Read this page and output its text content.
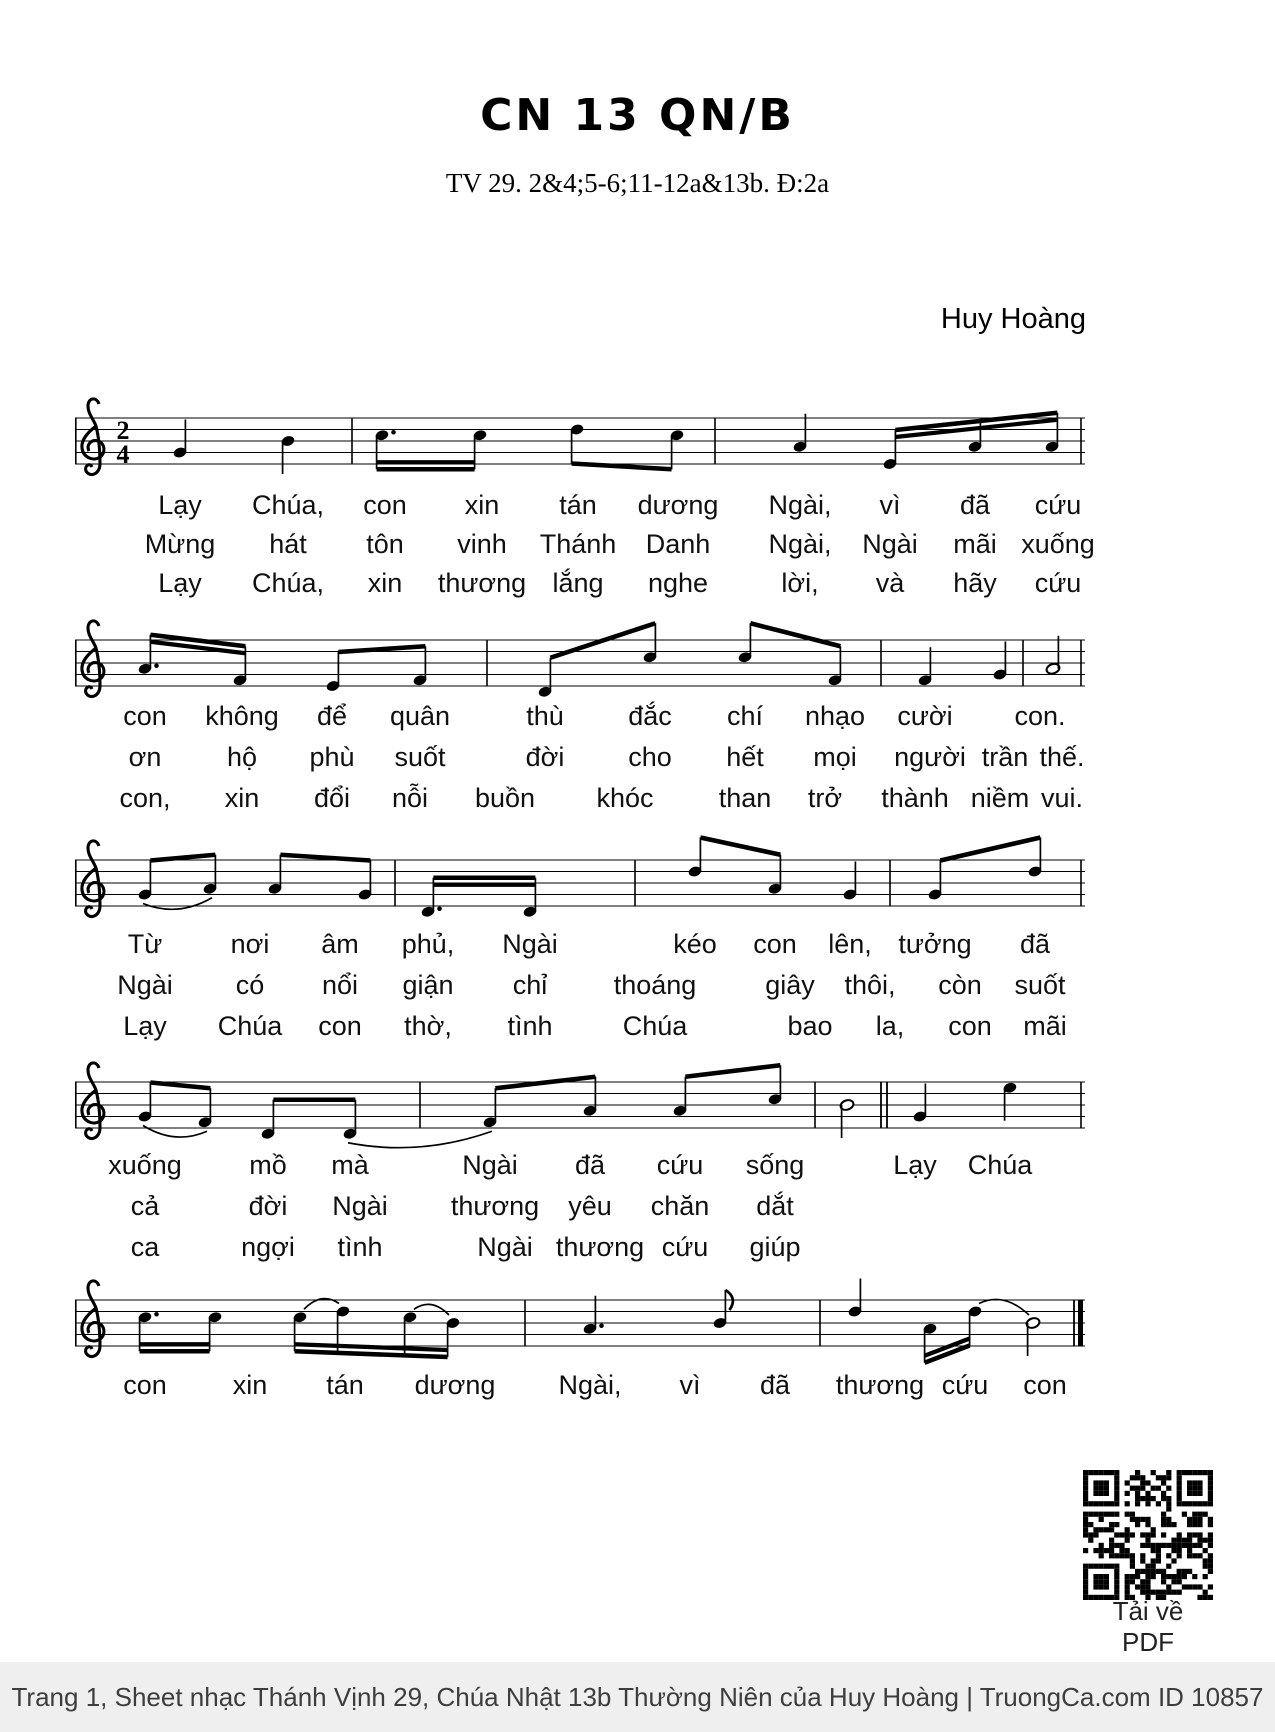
CN 13 QN/B
TV 29. 2&4;5-6;11-12a&13b. Đ:2a
Huy Hoàng
2
4
Tải về PDF
Trang 1, Sheet nhạc Thánh Vịnh 29, Chúa Nhật 13b Thường Niên của Huy Hoàng | TruongCa.com ID 10857
Lạy Chúa, con xin tán dương Ngài, vì đã cứu
Mừng hát tôn vinh Thánh Danh Ngài, Ngài mãi xuống
Lạy Chúa, xin thương lắng nghe	lời, và hãy cứu
con không để quân	thù đắc chí nhạo cười con.
ơn hộ phù suốt	đời cho hết mọi người trần thế.
con, xin đổi nỗi buồn khóc than trở thành niềm vui.
Từ	nơi âm phủ, Ngài	kéo con lên, tưởng đã
Ngài có nổi giận chỉ thoáng	giây thôi, còn suốt
Lạy Chúa con thờ, tình	Chúa	bao la, con mãi
xuống mồ mà	Ngài đã cứu sống	Lạy Chúa
cả	đời Ngài thương yêu chăn dắt
ca	ngợi tình	Ngài thương cứu giúp
con xin tán dương Ngài, vì đã thương cứu con
